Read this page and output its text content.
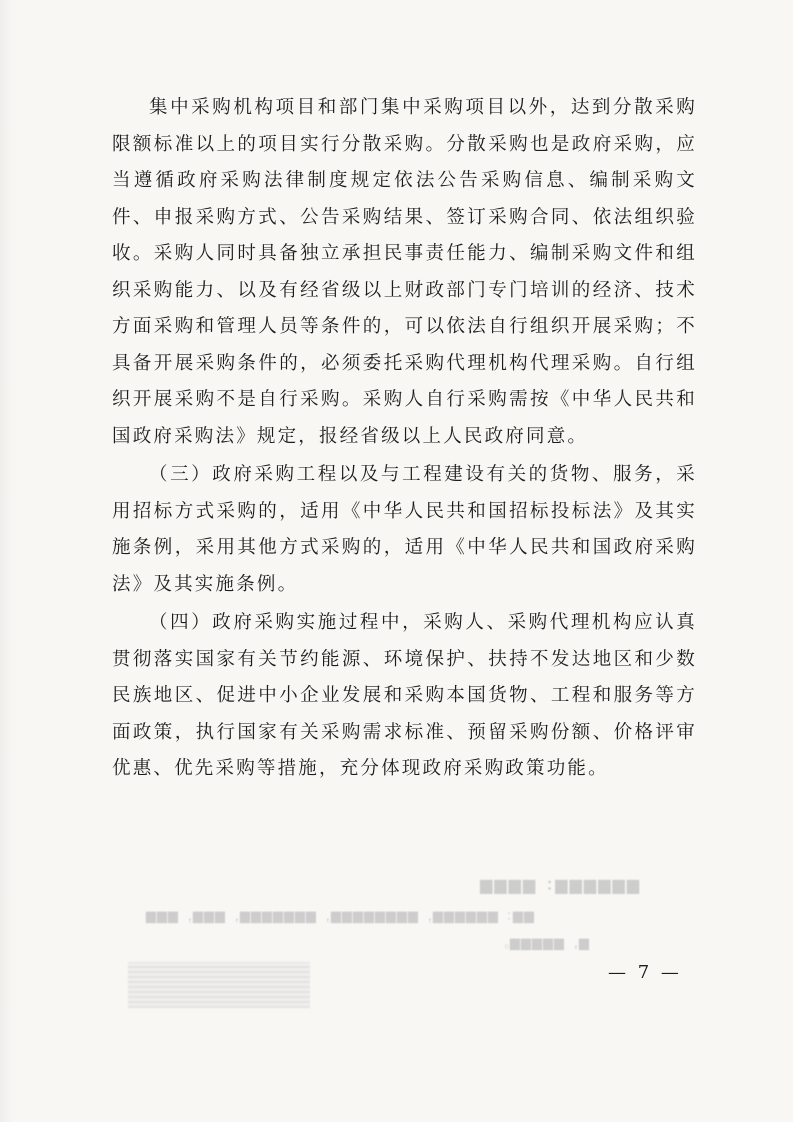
集中采购机构项目和部门集中采购项目以外，达到分散采购限额标准以上的项目实行分散采购。分散采购也是政府采购，应当遵循政府采购法律制度规定依法公告采购信息、编制采购文件、申报采购方式、公告采购结果、签订采购合同、依法组织验收。采购人同时具备独立承担民事责任能力、编制采购文件和组织采购能力、以及有经省级以上财政部门专门培训的经济、技术方面采购和管理人员等条件的，可以依法自行组织开展采购；不具备开展采购条件的，必须委托采购代理机构代理采购。自行组织开展采购不是自行采购。采购人自行采购需按《中华人民共和国政府采购法》规定，报经省级以上人民政府同意。

（三）政府采购工程以及与工程建设有关的货物、服务，采用招标方式采购的，适用《中华人民共和国招标投标法》及其实施条例，采用其他方式采购的，适用《中华人民共和国政府采购法》及其实施条例。

（四）政府采购实施过程中，采购人、采购代理机构应认真贯彻落实国家有关节约能源、环境保护、扶持不发达地区和少数民族地区、促进中小企业发展和采购本国货物、工程和服务等方面政策，执行国家有关采购需求标准、预留采购份额、价格评审优惠、优先采购等措施，充分体现政府采购政策功能。

▆▆▆▆▆▆：▆▆▆▆
▆▆：▆▆▆▆▆▆，▆▆▆▆▆▆▆▆，▆▆▆▆▆▆▆，▆▆▆，▆▆▆
▆，▆▆▆▆▆。
— 7 —
